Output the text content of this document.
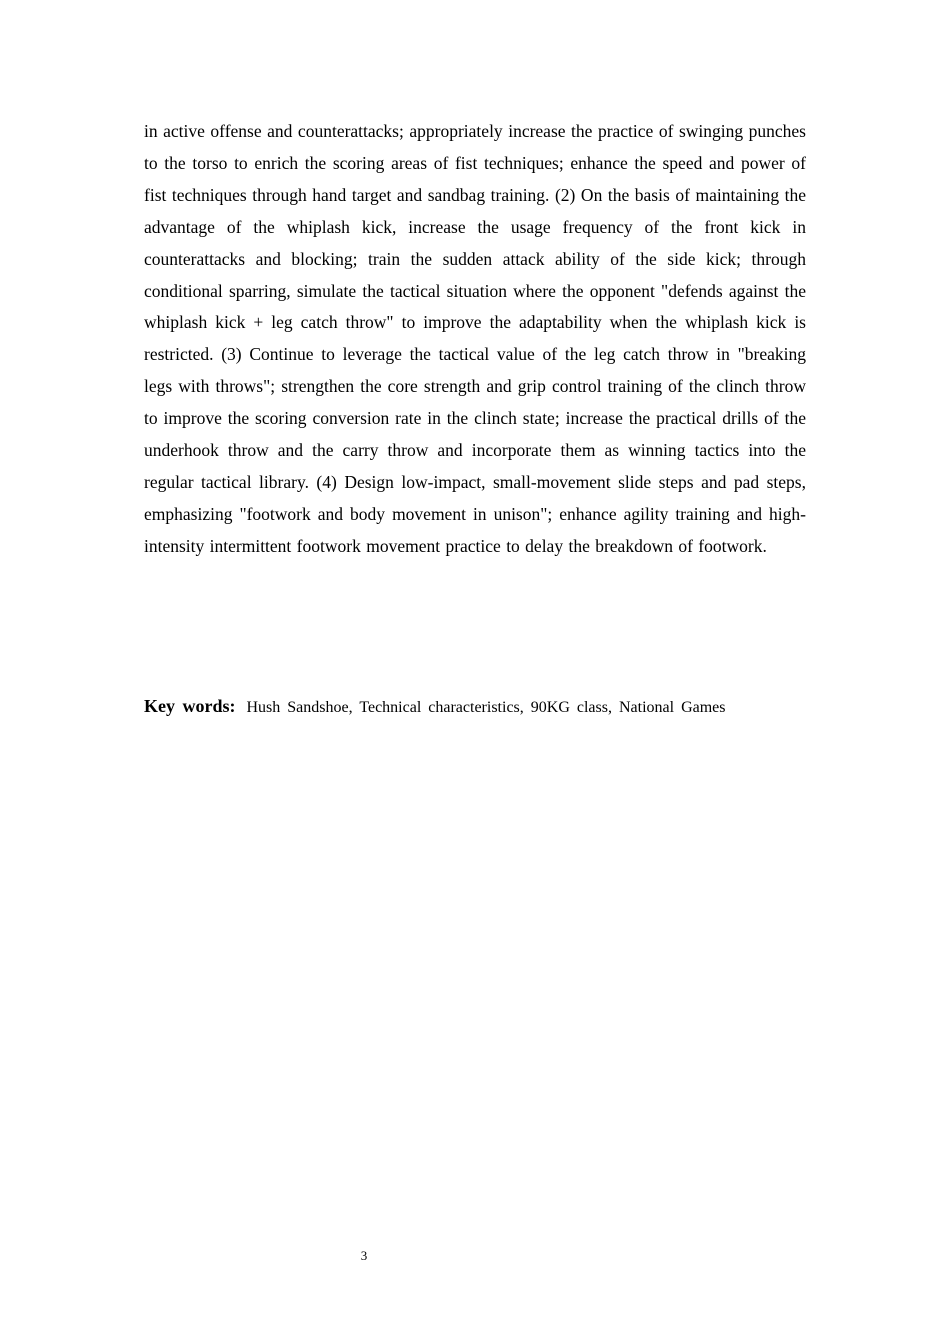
in active offense and counterattacks; appropriately increase the practice of swinging punches to the torso to enrich the scoring areas of fist techniques; enhance the speed and power of fist techniques through hand target and sandbag training. (2) On the basis of maintaining the advantage of the whiplash kick, increase the usage frequency of the front kick in counterattacks and blocking; train the sudden attack ability of the side kick; through conditional sparring, simulate the tactical situation where the opponent "defends against the whiplash kick + leg catch throw" to improve the adaptability when the whiplash kick is restricted. (3) Continue to leverage the tactical value of the leg catch throw in "breaking legs with throws"; strengthen the core strength and grip control training of the clinch throw to improve the scoring conversion rate in the clinch state; increase the practical drills of the underhook throw and the carry throw and incorporate them as winning tactics into the regular tactical library. (4) Design low-impact, small-movement slide steps and pad steps, emphasizing "footwork and body movement in unison"; enhance agility training and high-intensity intermittent footwork movement practice to delay the breakdown of footwork.

Key words: Hush Sandshoe, Technical characteristics, 90KG class, National Games

3
